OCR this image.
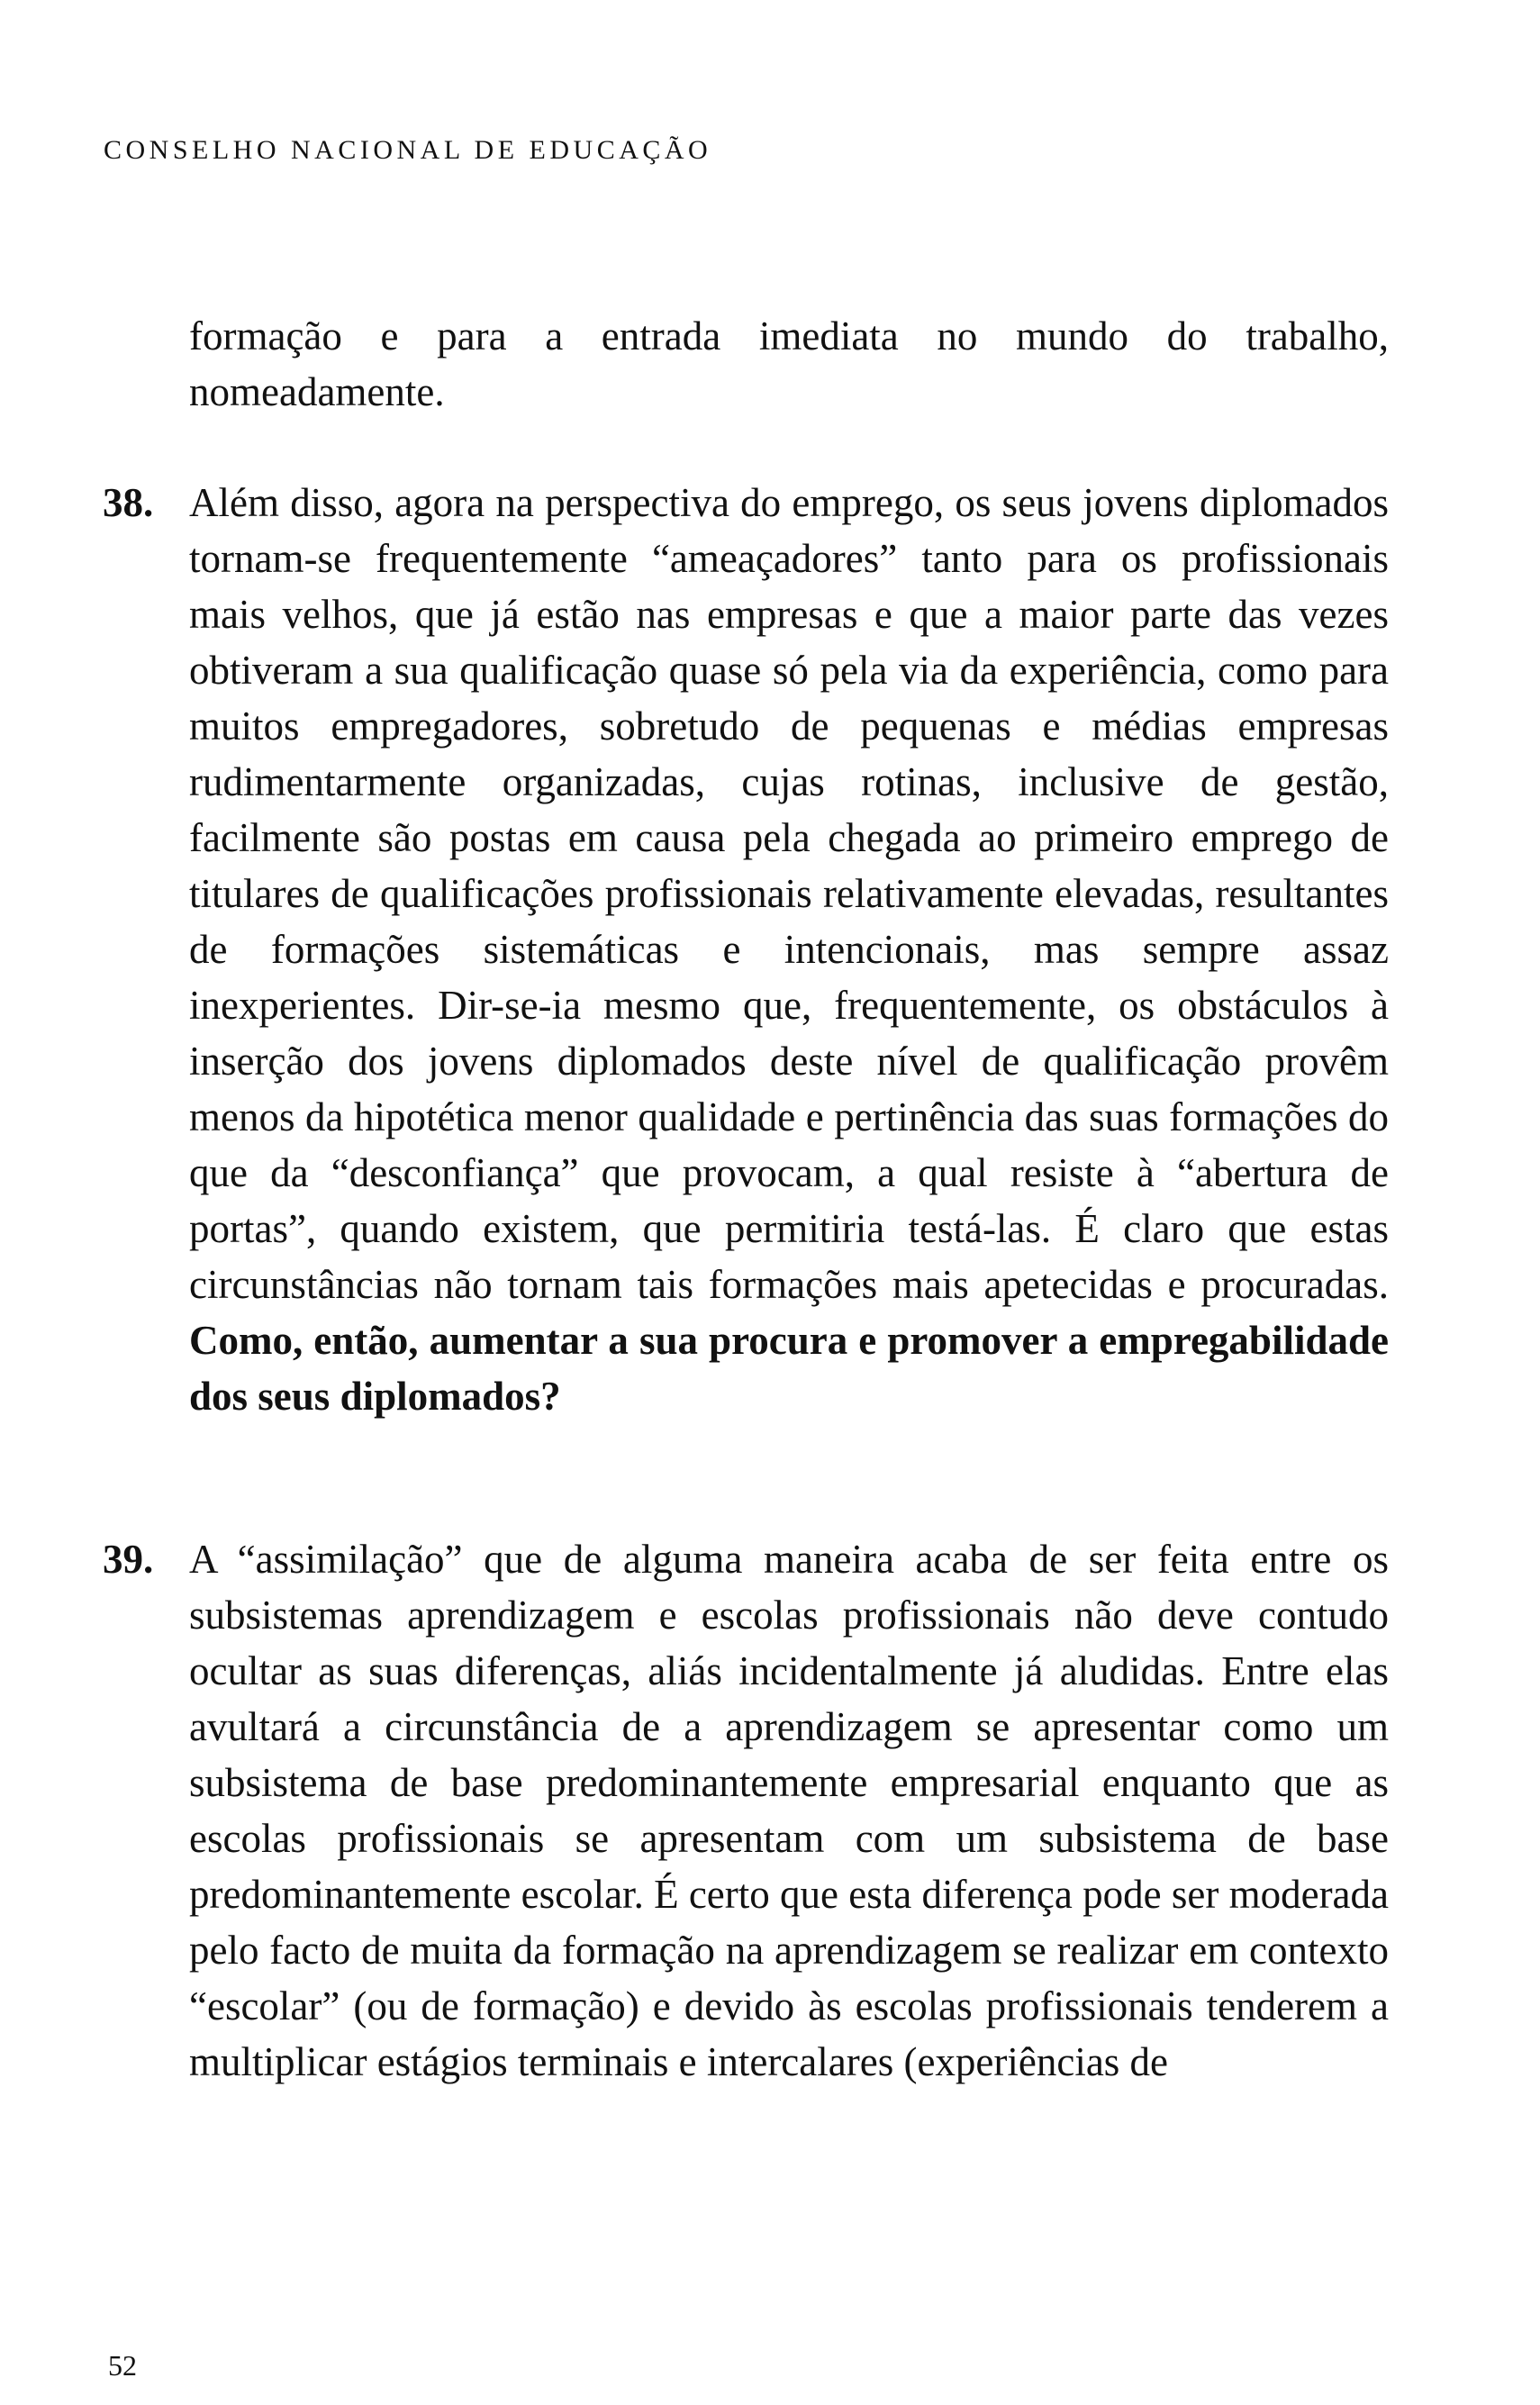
CONSELHO NACIONAL DE EDUCAÇÃO
formação e para a entrada imediata no mundo do trabalho, nomeadamente.
38. Além disso, agora na perspectiva do emprego, os seus jovens diplomados tornam-se frequentemente “ameaçadores” tanto para os profissionais mais velhos, que já estão nas empresas e que a maior parte das vezes obtiveram a sua qualificação quase só pela via da experiência, como para muitos empregadores, sobretudo de pequenas e médias empresas rudimentarmente organizadas, cujas rotinas, inclusive de gestão, facilmente são postas em causa pela chegada ao primeiro emprego de titulares de qualificações profissionais relativamente elevadas, resultantes de formações sistemáticas e intencionais, mas sempre assaz inexperientes. Dir-se-ia mesmo que, frequentemente, os obstáculos à inserção dos jovens diplomados deste nível de qualificação provêm menos da hipotética menor qualidade e pertinência das suas formações do que da “desconfiança” que provocam, a qual resiste à “abertura de portas”, quando existem, que permitiria testá-las. É claro que estas circunstâncias não tornam tais formações mais apetecidas e procuradas. Como, então, aumentar a sua procura e promover a empregabilidade dos seus diplomados?
39. A “assimilação” que de alguma maneira acaba de ser feita entre os subsistemas aprendizagem e escolas profissionais não deve contudo ocultar as suas diferenças, aliás incidentalmente já aludidas. Entre elas avultará a circunstância de a aprendizagem se apresentar como um subsistema de base predominantemente empresarial enquanto que as escolas profissionais se apresentam com um subsistema de base predominantemente escolar. É certo que esta diferença pode ser moderada pelo facto de muita da formação na aprendizagem se realizar em contexto “escolar” (ou de formação) e devido às escolas profissionais tenderem a multiplicar estágios terminais e intercalares (experiências de
52
